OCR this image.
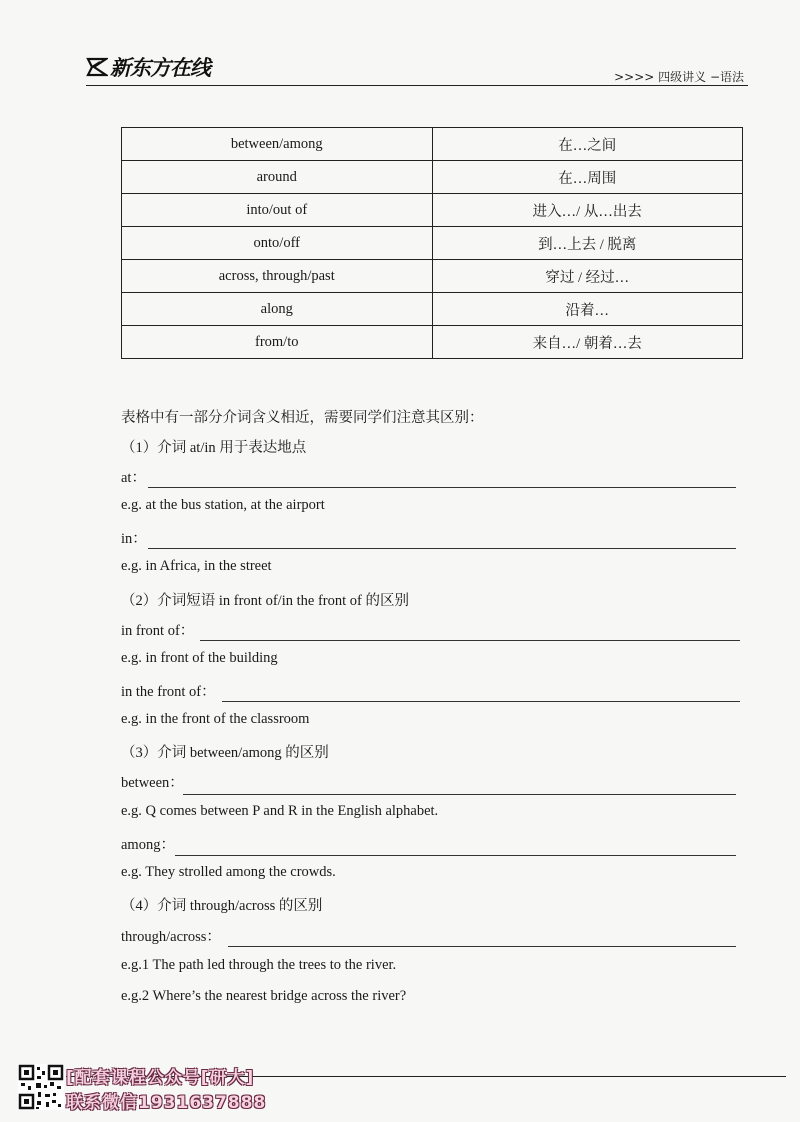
新东方在线	>>>> 四级讲义 −语法
between/among	在…之间
around	在…周围
into/out of	进入…/ 从…出去
onto/off	到…上去 / 脱离
across, through/past	穿过 / 经过…
along	沿着…
from/to	来自…/ 朝着…去
表格中有一部分介词含义相近，需要同学们注意其区别：
（1）介词 at/in 用于表达地点
at：
e.g. at the bus station, at the airport
in：
e.g. in Africa, in the street
（2）介词短语 in front of/in the front of 的区别
in front of：
e.g. in front of the building
in the front of：
e.g. in the front of the classroom
（3）介词 between/among 的区别
between：
e.g. Q comes between P and R in the English alphabet.
among：
e.g. They strolled among the crowds.
（4）介词 through/across 的区别
through/across：
e.g.1 The path led through the trees to the river.
e.g.2 Where’s the nearest bridge across the river?
[配套课程公众号[研大]
联系微信1931637888
